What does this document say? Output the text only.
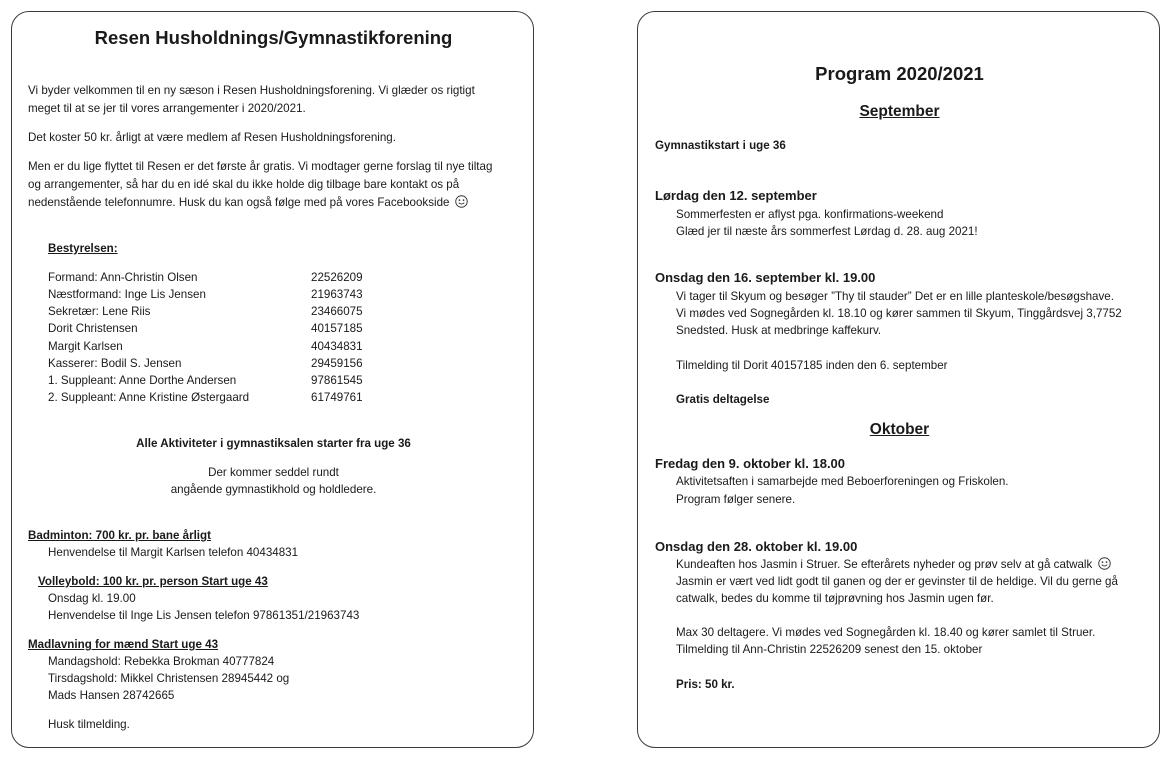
Resen Husholdnings/Gymnastikforening
Vi byder velkommen til en ny sæson i Resen Husholdningsforening. Vi glæder os rigtigt
meget til at se jer til vores arrangementer i 2020/2021.
Det koster 50 kr. årligt at være medlem af Resen Husholdningsforening.
Men er du lige flyttet til Resen er det første år gratis. Vi modtager gerne forslag til nye tiltag
og arrangementer, så har du en idé skal du ikke holde dig tilbage bare kontakt os på
nedenstående telefonnumre. Husk du kan også følge med på vores Facebookside
Bestyrelsen:
Formand: Ann-Christin Olsen	22526209
Næstformand: Inge Lis Jensen	21963743
Sekretær: Lene Riis	23466075
Dorit Christensen	40157185
Margit Karlsen	40434831
Kasserer: Bodil S. Jensen	29459156
1. Suppleant: Anne Dorthe Andersen	97861545
2. Suppleant: Anne Kristine Østergaard	61749761
Alle Aktiviteter i gymnastiksalen starter fra uge 36
Der kommer seddel rundt
angående gymnastikhold og holdledere.
Badminton: 700 kr. pr. bane årligt
Henvendelse til Margit Karlsen telefon 40434831
Volleybold: 100 kr. pr. person Start uge 43
Onsdag kl. 19.00
Henvendelse til Inge Lis Jensen telefon 97861351/21963743
Madlavning for mænd Start uge 43
Mandagshold: Rebekka Brokman 40777824
Tirsdagshold: Mikkel Christensen 28945442 og
Mads Hansen 28742665
Husk tilmelding.
Program 2020/2021
September
Gymnastikstart i uge 36
Lørdag den 12. september
Sommerfesten er aflyst pga. konfirmations-weekend
Glæd jer til næste års sommerfest Lørdag d. 28. aug 2021!
Onsdag den 16. september kl. 19.00
Vi tager til Skyum og besøger ”Thy til stauder” Det er en lille planteskole/besøgshave.
Vi mødes ved Sognegården kl. 18.10 og kører sammen til Skyum, Tinggårdsvej 3,7752
Snedsted. Husk at medbringe kaffekurv.
Tilmelding til Dorit 40157185 inden den 6. september
Gratis deltagelse
Oktober
Fredag den 9. oktober kl. 18.00
Aktivitetsaften i samarbejde med Beboerforeningen og Friskolen.
Program følger senere.
Onsdag den 28. oktober kl. 19.00
Kundeaften hos Jasmin i Struer. Se efterårets nyheder og prøv selv at gå catwalk
Jasmin er vært ved lidt godt til ganen og der er gevinster til de heldige. Vil du gerne gå
catwalk, bedes du komme til tøjprøvning hos Jasmin ugen før.
Max 30 deltagere. Vi mødes ved Sognegården kl. 18.40 og kører samlet til Struer.
Tilmelding til Ann-Christin 22526209 senest den 15. oktober
Pris: 50 kr.
